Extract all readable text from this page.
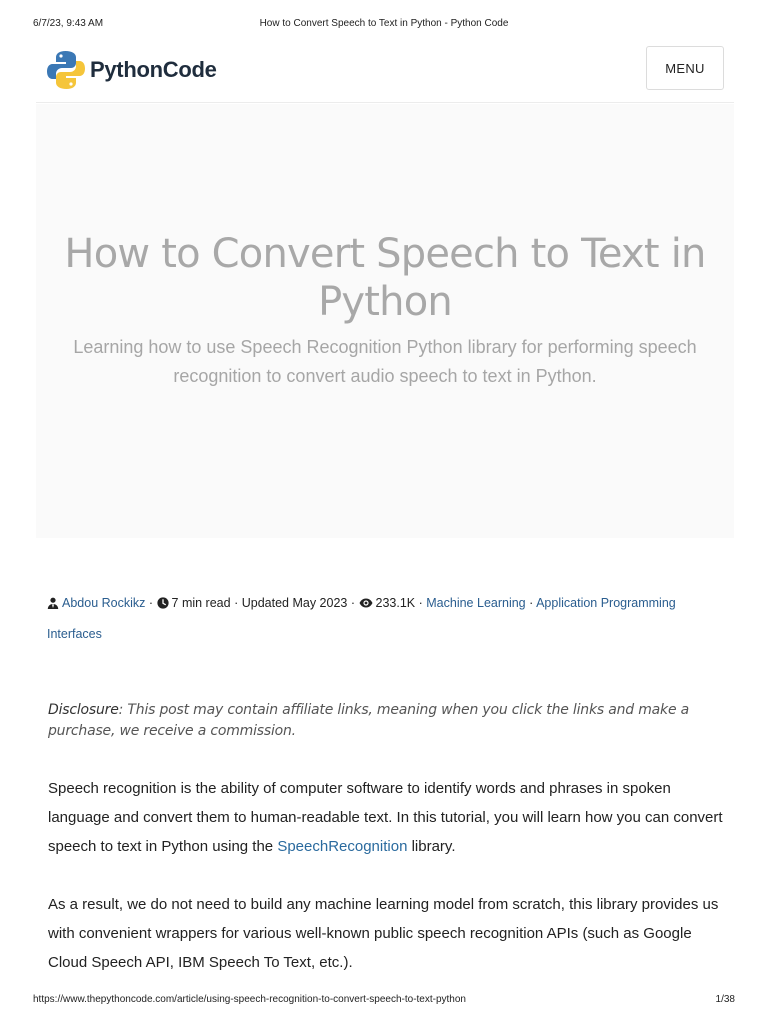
6/7/23, 9:43 AM	How to Convert Speech to Text in Python - Python Code
PythonCode	MENU
How to Convert Speech to Text in Python

Learning how to use Speech Recognition Python library for performing speech recognition to convert audio speech to text in Python.

Abdou Rockikz · 7 min read · Updated May 2023 · 233.1K · Machine Learning · Application Programming Interfaces
Disclosure: This post may contain affiliate links, meaning when you click the links and make a purchase, we receive a commission.

Speech recognition is the ability of computer software to identify words and phrases in spoken language and convert them to human-readable text. In this tutorial, you will learn how you can convert speech to text in Python using the SpeechRecognition library.

As a result, we do not need to build any machine learning model from scratch, this library provides us with convenient wrappers for various well-known public speech recognition APIs (such as Google Cloud Speech API, IBM Speech To Text, etc.).

https://www.thepythoncode.com/article/using-speech-recognition-to-convert-speech-to-text-python	1/38
